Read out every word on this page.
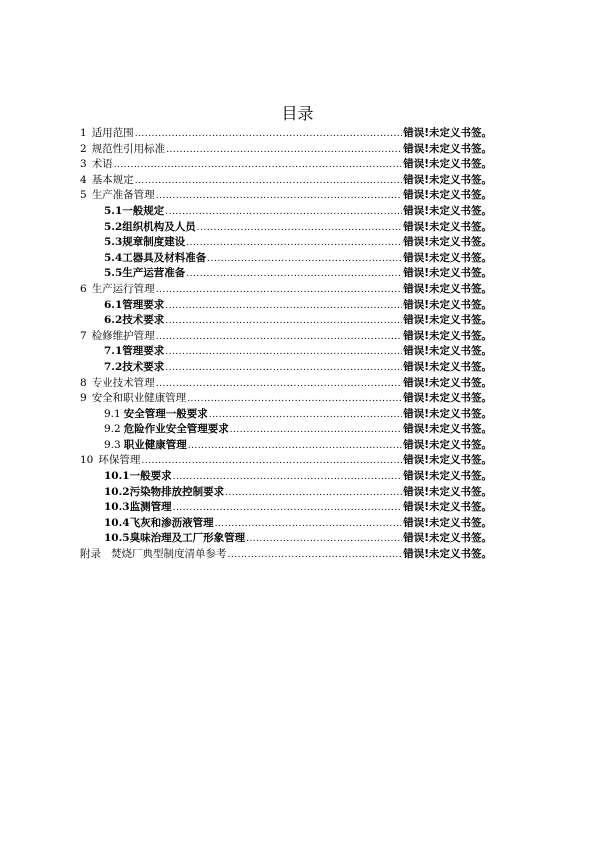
目录
1 适用范围 .....	错误!未定义书签。
2 规范性引用标准 .....	错误!未定义书签。
3 术语 .....	错误!未定义书签。
4 基本规定 .....	错误!未定义书签。
5 生产准备管理 .....	错误!未定义书签。
5.1 一般规定 .....	错误!未定义书签。
5.2 组织机构及人员 .....	错误!未定义书签。
5.3 规章制度建设 .....	错误!未定义书签。
5.4 工器具及材料准备 .....	错误!未定义书签。
5.5 生产运营准备 .....	错误!未定义书签。
6 生产运行管理 .....	错误!未定义书签。
6.1 管理要求 .....	错误!未定义书签。
6.2 技术要求 .....	错误!未定义书签。
7 检修维护管理 .....	错误!未定义书签。
7.1 管理要求 .....	错误!未定义书签。
7.2 技术要求 .....	错误!未定义书签。
8 专业技术管理 .....	错误!未定义书签。
9 安全和职业健康管理 .....	错误!未定义书签。
9.1 安全管理一般要求 .....	错误!未定义书签。
9.2 危险作业安全管理要求 .....	错误!未定义书签。
9.3 职业健康管理 .....	错误!未定义书签。
10 环保管理 .....	错误!未定义书签。
10.1 一般要求 .....	错误!未定义书签。
10.2 污染物排放控制要求 .....	错误!未定义书签。
10.3 监测管理 .....	错误!未定义书签。
10.4 飞灰和渗沥液管理 .....	错误!未定义书签。
10.5 臭味治理及工厂形象管理 .....	错误!未定义书签。
附录 焚烧厂典型制度清单参考 .....	错误!未定义书签。
